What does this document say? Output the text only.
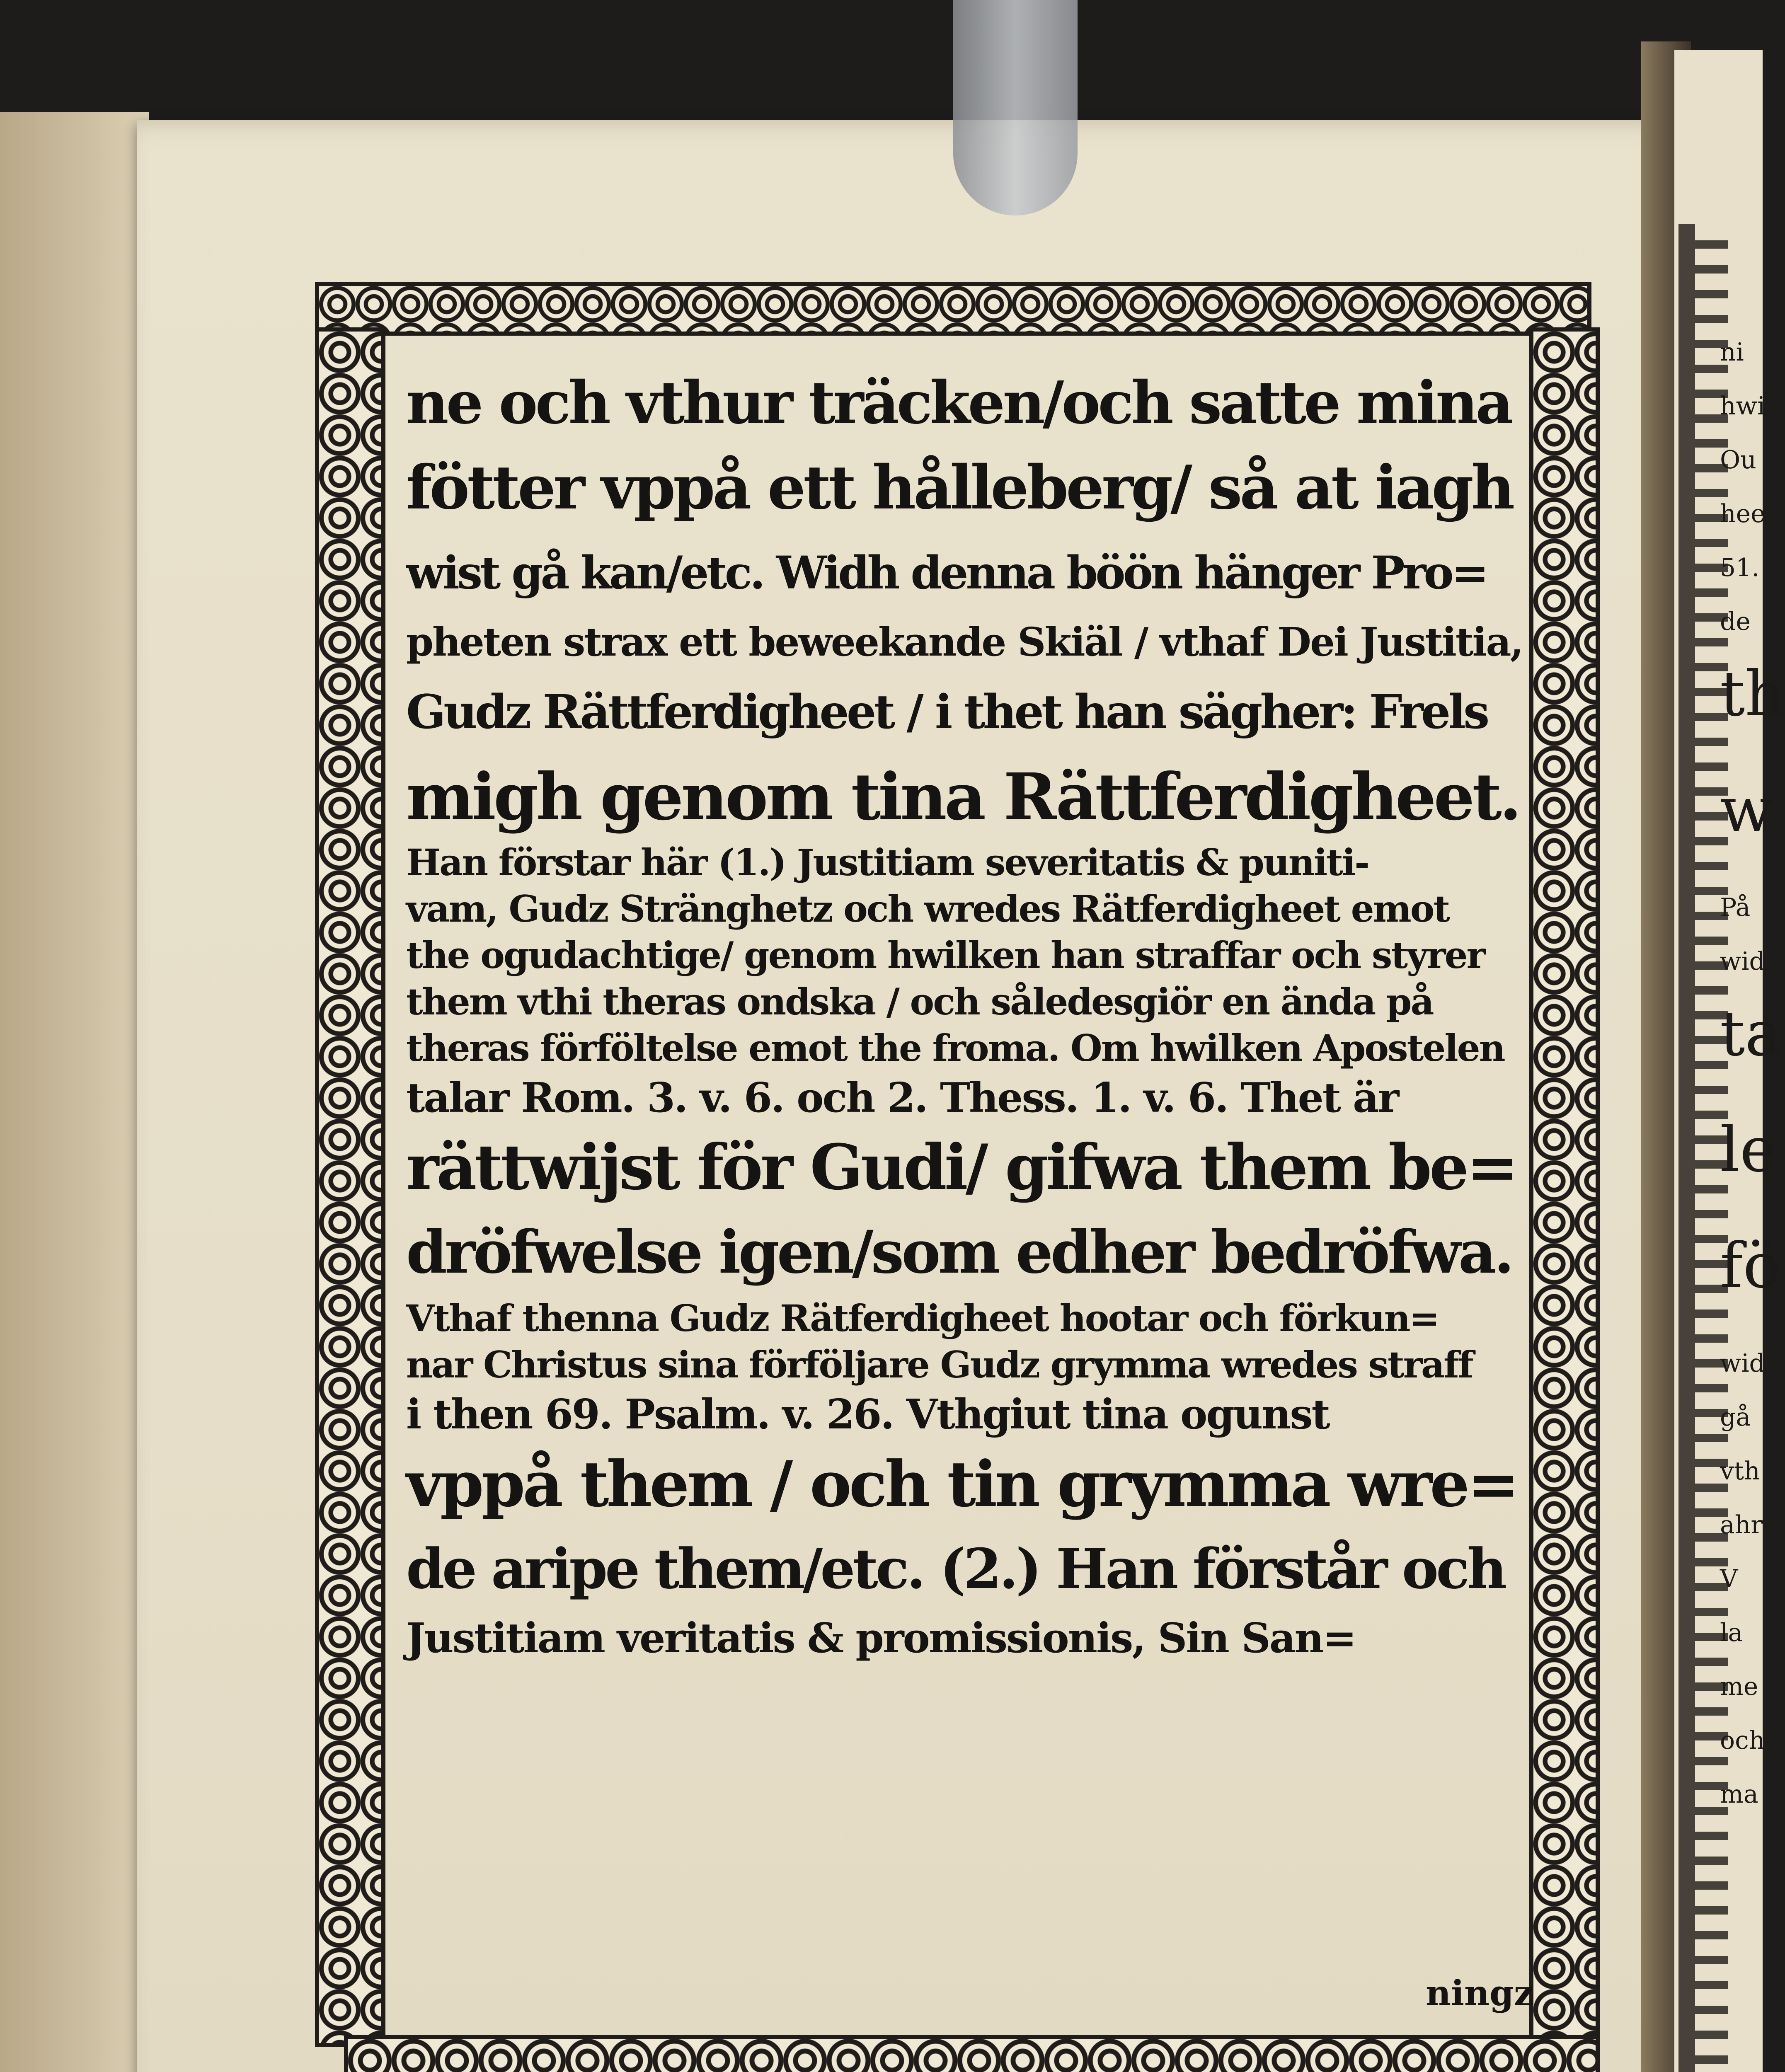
ni
hwi
Ou
hee
51.
de
th
w
På
wid
ta
le
fö
wid
gå
vth
ahr
V
la
me
och
ma
ne och vthur träcken/och satte mina
fötter vppå ett hålleberg/ så at iagh
wist gå kan/etc. Widh denna böön hänger Pro=
pheten strax ett beweekande Skiäl / vthaf Dei Justitia,
Gudz Rättferdigheet / i thet han sägher: Frels
migh genom tina Rättferdigheet.
Han förstar här (1.) Justitiam severitatis & puniti-
vam, Gudz Stränghetz och wredes Rätferdigheet emot
the ogudachtige/ genom hwilken han straffar och styrer
them vthi theras ondska / och såledesgiör en ända på
theras förföltelse emot the froma. Om hwilken Apostelen
talar Rom. 3. v. 6. och 2. Thess. 1. v. 6. Thet är
rättwijst för Gudi/ gifwa them be=
dröfwelse igen/som edher bedröfwa.
Vthaf thenna Gudz Rätferdigheet hootar och förkun=
nar Christus sina förföljare Gudz grymma wredes straff
i then 69. Psalm. v. 26. Vthgiut tina ogunst
vppå them / och tin grymma wre=
de aripe them/etc. (2.) Han förstår och
Justitiam veritatis & promissionis, Sin San=
ningz
